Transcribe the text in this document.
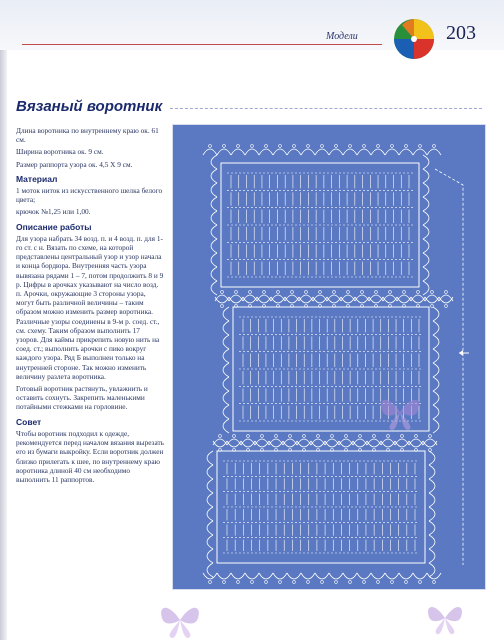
Модели	203
Вязаный воротник

Длина воротника по внутреннему краю ок. 61 см.

Ширина воротника ок. 9 см.

Размер раппорта узора ок. 4,5 X 9 см.

Материал

1 моток ниток из искусственного шелка белого цвета;

крючок №1,25 или 1,00.

Описание работы

Для узора набрать 34 возд. п. и 4 возд. п. для 1-го ст. с н. Вязать по схеме, на которой представлены центральный узор и узор начала и конца бордюра. Внутренняя часть узора вывязана рядами 1 – 7, потом продолжить 8 и 9 р. Цифры в арочках указывают на число возд. п. Арочки, окружающие 3 стороны узора, могут быть различной величины – таким образом можно изменить размер воротника. Различные узоры соединены в 9-м р. соед. ст., см. схему. Таким образом выполнить 17 узоров. Для каймы прикрепить новую нить на соед. ст.; выполнить арочки с пико вокруг каждого узора. Ряд Б выполнен только на внутренней стороне. Так можно изменить величину разлета воротника.

Готовый воротник растянуть, увлажнить и оставить сохнуть. Закрепить маленькими потайными стежками на горловине.

Совет

Чтобы воротник подходил к одежде, рекомендуется перед началом вязания вырезать его из бумаги выкройку. Если воротник должен близко прилегать к шее, по внутреннему краю воротника длиной 40 см необходимо выполнить 11 раппортов.
